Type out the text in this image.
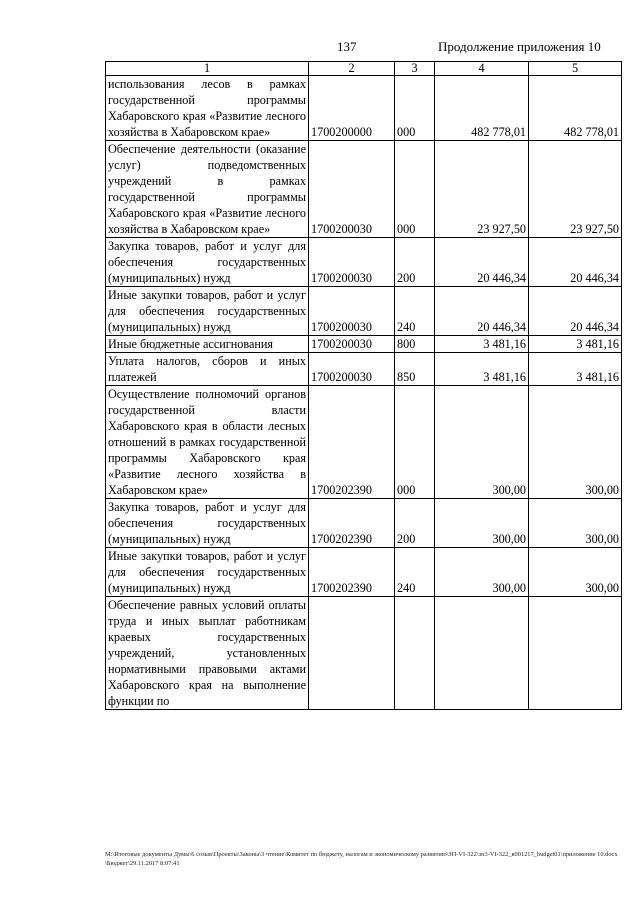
137	Продолжение приложения 10
1	2	3	4	5
использования лесов в рамках государственной программы Хабаровского края «Развитие лесного хозяйства в Хабаровском крае»	1700200000	000	482 778,01	482 778,01
Обеспечение деятельности (оказание услуг) подведомственных учреждений в рамках государственной программы Хабаровского края «Развитие лесного хозяйства в Хабаровском крае»	1700200030	000	23 927,50	23 927,50
Закупка товаров, работ и услуг для обеспечения государственных (муниципальных) нужд	1700200030	200	20 446,34	20 446,34
Иные закупки товаров, работ и услуг для обеспечения государственных (муниципальных) нужд	1700200030	240	20 446,34	20 446,34
Иные бюджетные ассигнования	1700200030	800	3 481,16	3 481,16
Уплата налогов, сборов и иных платежей	1700200030	850	3 481,16	3 481,16
Осуществление полномочий органов государственной власти Хабаровского края в области лесных отношений в рамках государственной программы Хабаровского края «Развитие лесного хозяйства в Хабаровском крае»	1700202390	000	300,00	300,00
Закупка товаров, работ и услуг для обеспечения государственных (муниципальных) нужд	1700202390	200	300,00	300,00
Иные закупки товаров, работ и услуг для обеспечения государственных (муниципальных) нужд	1700202390	240	300,00	300,00
Обеспечение равных условий оплаты труда и иных выплат работникам краевых государственных учреждений, установленных нормативными правовыми актами Хабаровского края на выполнение функции по				
М:\Итоговые документы Думы\6 созыв\Проекты\Законы\3 чтение\Комитет по бюджету, налогам и экономическому развитию\ЗП-VI-322\зп3-VI-322_в001217_budget01\приложение 10.docx\Бюджет\29.11.2017 8:07:41
